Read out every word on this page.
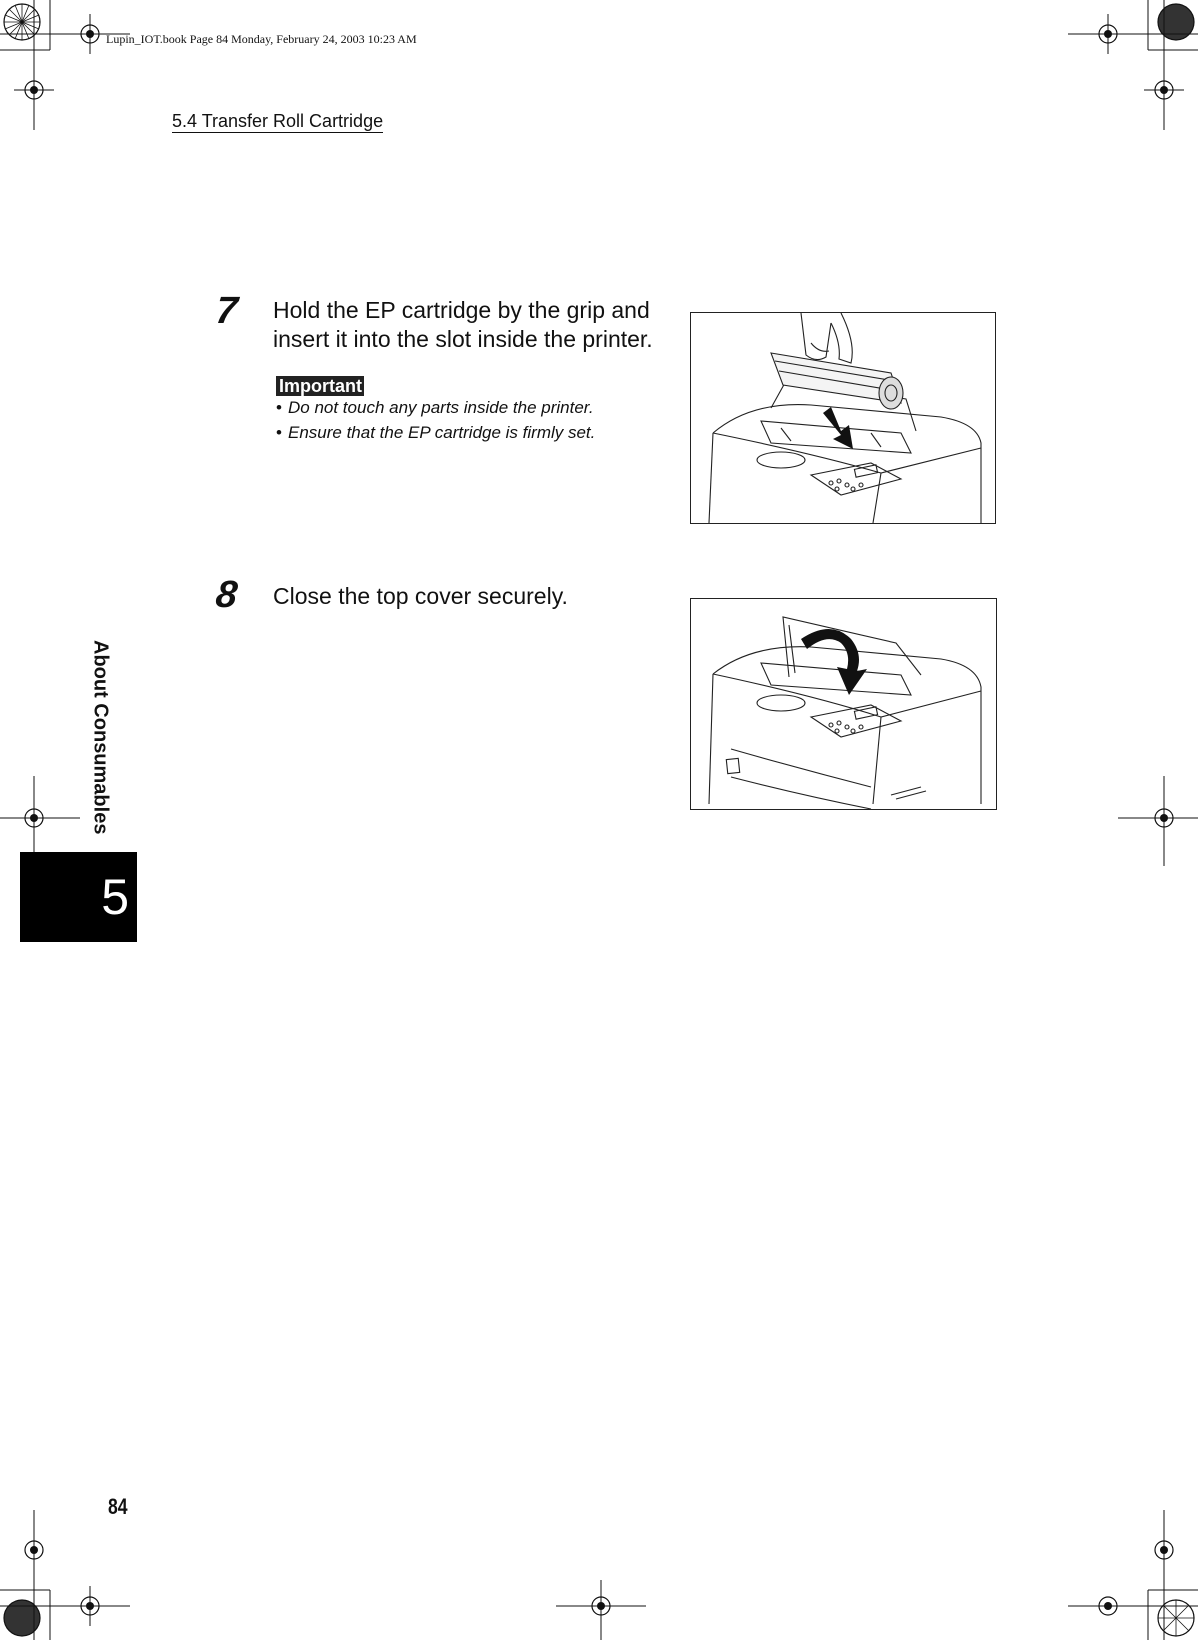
Lupin_IOT.book Page 84 Monday, February 24, 2003 10:23 AM
5.4 Transfer Roll Cartridge
7 Hold the EP cartridge by the grip and
insert it into the slot inside the printer.
Important
• Do not touch any parts inside the printer.
• Ensure that the EP cartridge is firmly set.
8 Close the top cover securely.
About Consumables
5
84
